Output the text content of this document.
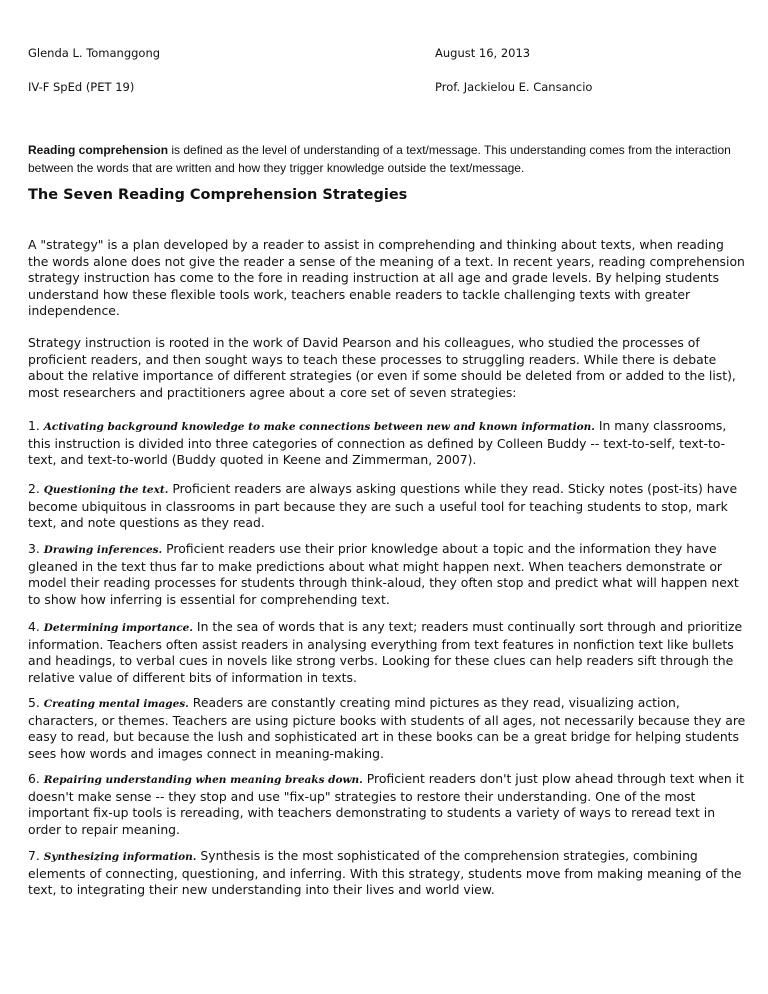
Glenda L. Tomanggong	August 16, 2013
IV-F SpEd (PET 19)	Prof. Jackielou E. Cansancio
Reading comprehension is defined as the level of understanding of a text/message. This understanding comes from the interaction between the words that are written and how they trigger knowledge outside the text/message.
The Seven Reading Comprehension Strategies

A "strategy" is a plan developed by a reader to assist in comprehending and thinking about texts, when reading the words alone does not give the reader a sense of the meaning of a text. In recent years, reading comprehension strategy instruction has come to the fore in reading instruction at all age and grade levels. By helping students understand how these flexible tools work, teachers enable readers to tackle challenging texts with greater independence.

Strategy instruction is rooted in the work of David Pearson and his colleagues, who studied the processes of proficient readers, and then sought ways to teach these processes to struggling readers. While there is debate about the relative importance of different strategies (or even if some should be deleted from or added to the list), most researchers and practitioners agree about a core set of seven strategies:

1. Activating background knowledge to make connections between new and known information. In many classrooms, this instruction is divided into three categories of connection as defined by Colleen Buddy -- text-to-self, text-to-text, and text-to-world (Buddy quoted in Keene and Zimmerman, 2007).

2. Questioning the text. Proficient readers are always asking questions while they read. Sticky notes (post-its) have become ubiquitous in classrooms in part because they are such a useful tool for teaching students to stop, mark text, and note questions as they read.

3. Drawing inferences. Proficient readers use their prior knowledge about a topic and the information they have gleaned in the text thus far to make predictions about what might happen next. When teachers demonstrate or model their reading processes for students through think-aloud, they often stop and predict what will happen next to show how inferring is essential for comprehending text.

4. Determining importance. In the sea of words that is any text; readers must continually sort through and prioritize information. Teachers often assist readers in analysing everything from text features in nonfiction text like bullets and headings, to verbal cues in novels like strong verbs. Looking for these clues can help readers sift through the relative value of different bits of information in texts.

5. Creating mental images. Readers are constantly creating mind pictures as they read, visualizing action, characters, or themes. Teachers are using picture books with students of all ages, not necessarily because they are easy to read, but because the lush and sophisticated art in these books can be a great bridge for helping students sees how words and images connect in meaning-making.

6. Repairing understanding when meaning breaks down. Proficient readers don't just plow ahead through text when it doesn't make sense -- they stop and use "fix-up" strategies to restore their understanding. One of the most important fix-up tools is rereading, with teachers demonstrating to students a variety of ways to reread text in order to repair meaning.

7. Synthesizing information. Synthesis is the most sophisticated of the comprehension strategies, combining elements of connecting, questioning, and inferring. With this strategy, students move from making meaning of the text, to integrating their new understanding into their lives and world view.
